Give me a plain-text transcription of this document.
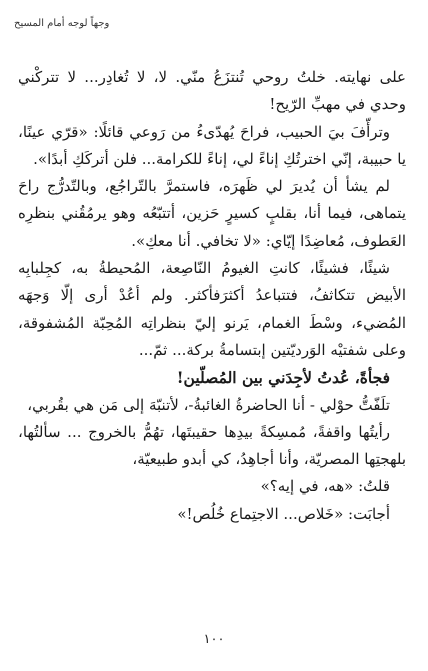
وجهاً لوجه أمام المسيح

على نهايته. خلتُ روحي تُنتزَعُ منّي. لا، لا تُغادِر... لا تتركْني وحدي في مهبِّ الرّيح!

وترأّفَ بيَ الحبيب، فراحَ يُهدّىءُ من رَوعي قائلًا: «قرّي عينًا، يا حبيبة، إنّي اخترتُكِ إناءً لي، إناءً للكرامة... فلن أتركَكِ أبدًا».

لم يشأ أن يُديرَ لي ظَهرَه، فاستمرَّ بالتّراجُع، وبالتّدرُّج راحَ يتماهى، فيما أنا، بقلبٍ كسيرٍ حَزين، أتتبّعُه وهو يرمُقُني بنظرِه العَطوف، مُعاضِدًا إيّاي: «لا تخافي. أنا معكِ».

شيئًا، فشيئًا، كانتِ الغيومُ النّاصِعة، المُحيطةُ به، كجِلبابِه الأبيض تتكاثفُ، فتتباعدُ أكثرَفأكثر. ولم أعُدْ أرى إلّا وَجهَه المُضيء، وسْطَ الغمام، يَرنو إليّ بنظراتِه المُحِبّة المُشفوقة، وعلى شفتيْه الوَرديّتين إبتسامةُ بركة... ثمّ...

فجأةً، عُدتُ لأجِدَني بين المُصلّين!

تلَفّتُّ حوْلي - أنا الحاضرةُ الغائبةُ-، لأتنبّهَ إلى مَن هي بقُربي،

رأيتُها واقفةً، مُمسِكةً بيدِها حقيبتَها، تهُمُّ بالخروج ... سألتُها، بلهجتِها المصريّة، وأنا أجاهِدُ، كي أبدو طبيعيّة،

قلتُ: «هه، في إيه؟»

أجابَت: «خَلاص... الاجتِماع خُلُص!»

١٠٠
